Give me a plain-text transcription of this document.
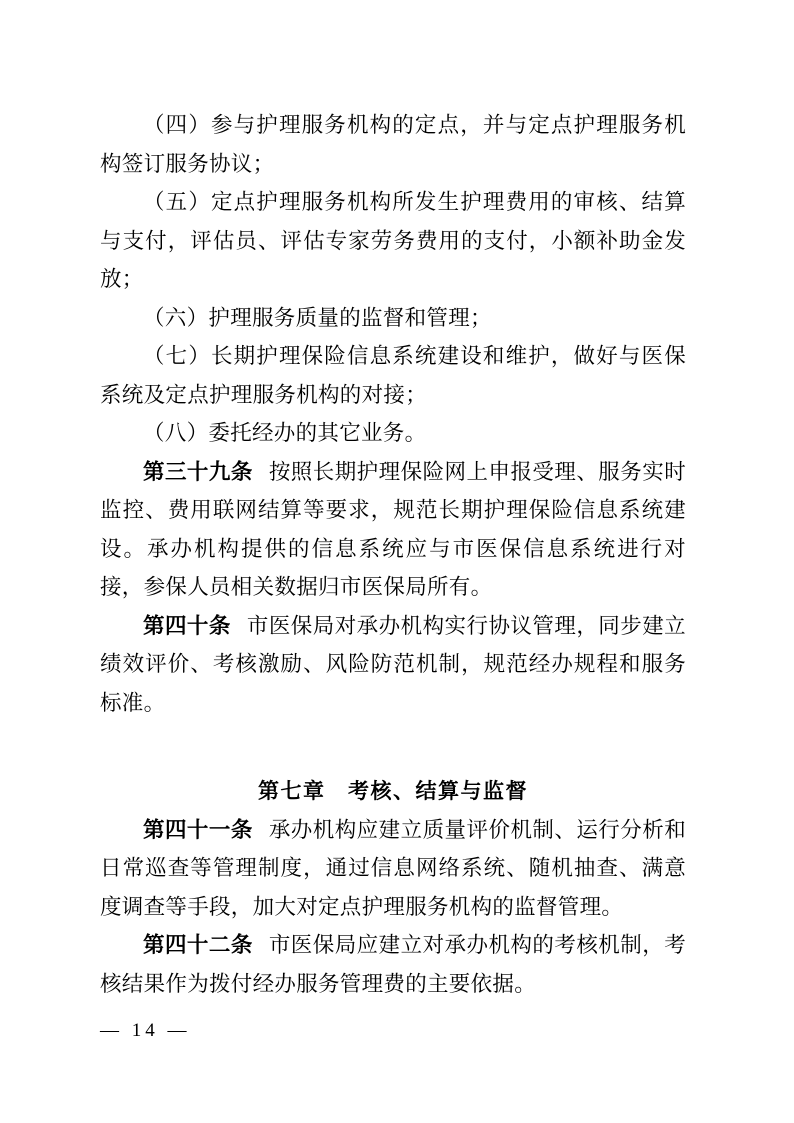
（四）参与护理服务机构的定点，并与定点护理服务机构签订服务协议；

（五）定点护理服务机构所发生护理费用的审核、结算与支付，评估员、评估专家劳务费用的支付，小额补助金发放；

（六）护理服务质量的监督和管理；

（七）长期护理保险信息系统建设和维护，做好与医保系统及定点护理服务机构的对接；

（八）委托经办的其它业务。

第三十九条 按照长期护理保险网上申报受理、服务实时监控、费用联网结算等要求，规范长期护理保险信息系统建设。承办机构提供的信息系统应与市医保信息系统进行对接，参保人员相关数据归市医保局所有。

第四十条 市医保局对承办机构实行协议管理，同步建立绩效评价、考核激励、风险防范机制，规范经办规程和服务标准。

第七章　考核、结算与监督

第四十一条 承办机构应建立质量评价机制、运行分析和日常巡查等管理制度，通过信息网络系统、随机抽查、满意度调查等手段，加大对定点护理服务机构的监督管理。

第四十二条 市医保局应建立对承办机构的考核机制，考核结果作为拨付经办服务管理费的主要依据。

— 14 —
